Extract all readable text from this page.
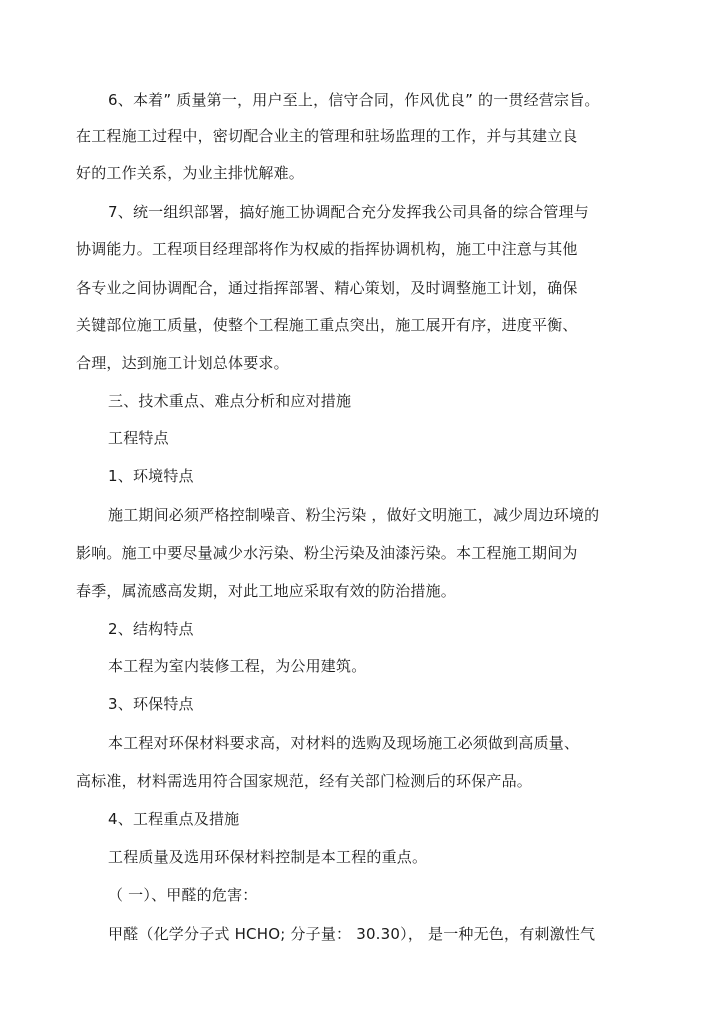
6、本着” 质量第一，用户至上，信守合同，作风优良” 的一贯经营宗旨。
在工程施工过程中，密切配合业主的管理和驻场监理的工作，并与其建立良
好的工作关系，为业主排忧解难。
7、统一组织部署，搞好施工协调配合充分发挥我公司具备的综合管理与
协调能力。工程项目经理部将作为权威的指挥协调机构，施工中注意与其他
各专业之间协调配合，通过指挥部署、精心策划，及时调整施工计划，确保
关键部位施工质量，使整个工程施工重点突出，施工展开有序，进度平衡、
合理，达到施工计划总体要求。
三、技术重点、难点分析和应对措施
工程特点
1、环境特点
施工期间必须严格控制噪音、粉尘污染 ，做好文明施工，减少周边环境的
影响。施工中要尽量减少水污染、粉尘污染及油漆污染。本工程施工期间为
春季，属流感高发期，对此工地应采取有效的防治措施。
2、结构特点
本工程为室内装修工程，为公用建筑。
3、环保特点
本工程对环保材料要求高，对材料的选购及现场施工必须做到高质量、
高标准，材料需选用符合国家规范，经有关部门检测后的环保产品。
4、工程重点及措施
工程质量及选用环保材料控制是本工程的重点。
（ 一）、甲醛的危害：
甲醛（化学分子式 HCHO; 分子量： 30.30）， 是一种无色，有刺激性气
